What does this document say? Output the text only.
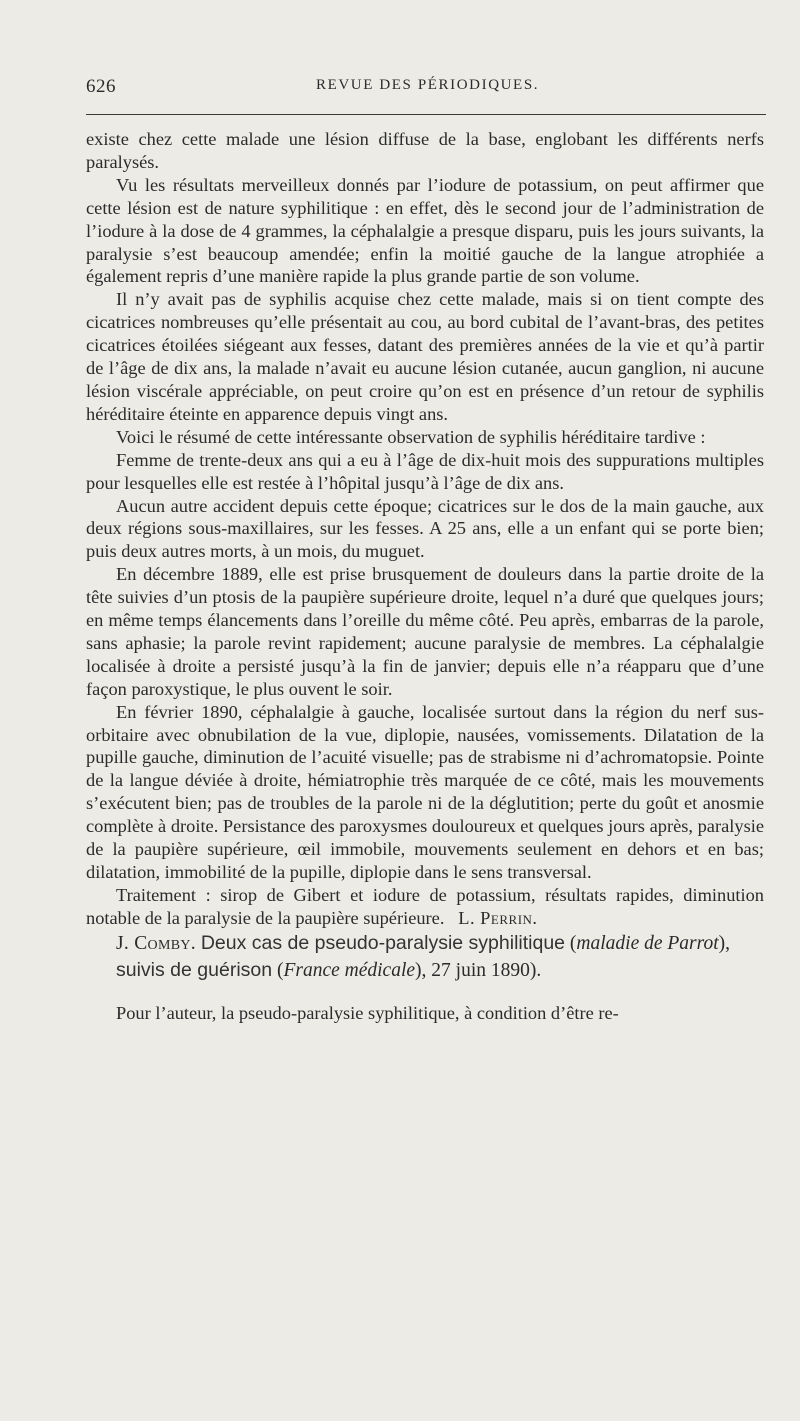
626	REVUE DES PÉRIODIQUES.

existe chez cette malade une lésion diffuse de la base, englobant les différents nerfs paralysés.

Vu les résultats merveilleux donnés par l’iodure de potassium, on peut affirmer que cette lésion est de nature syphilitique : en effet, dès le second jour de l’administration de l’iodure à la dose de 4 grammes, la céphalalgie a presque disparu, puis les jours suivants, la paralysie s’est beaucoup amendée; enfin la moitié gauche de la langue atrophiée a également repris d’une manière rapide la plus grande partie de son volume.

Il n’y avait pas de syphilis acquise chez cette malade, mais si on tient compte des cicatrices nombreuses qu’elle présentait au cou, au bord cubital de l’avant-bras, des petites cicatrices étoilées siégeant aux fesses, datant des premières années de la vie et qu’à partir de l’âge de dix ans, la malade n’avait eu aucune lésion cutanée, aucun ganglion, ni aucune lésion viscérale appréciable, on peut croire qu’on est en présence d’un retour de syphilis héréditaire éteinte en apparence depuis vingt ans.

Voici le résumé de cette intéressante observation de syphilis héréditaire tardive :

Femme de trente-deux ans qui a eu à l’âge de dix-huit mois des suppurations multiples pour lesquelles elle est restée à l’hôpital jusqu’à l’âge de dix ans.

Aucun autre accident depuis cette époque; cicatrices sur le dos de la main gauche, aux deux régions sous-maxillaires, sur les fesses. A 25 ans, elle a un enfant qui se porte bien; puis deux autres morts, à un mois, du muguet.

En décembre 1889, elle est prise brusquement de douleurs dans la partie droite de la tête suivies d’un ptosis de la paupière supérieure droite, lequel n’a duré que quelques jours; en même temps élancements dans l’oreille du même côté. Peu après, embarras de la parole, sans aphasie; la parole revint rapidement; aucune paralysie de membres. La céphalalgie localisée à droite a persisté jusqu’à la fin de janvier; depuis elle n’a réapparu que d’une façon paroxystique, le plus ouvent le soir.

En février 1890, céphalalgie à gauche, localisée surtout dans la région du nerf sus-orbitaire avec obnubilation de la vue, diplopie, nausées, vomissements. Dilatation de la pupille gauche, diminution de l’acuité visuelle; pas de strabisme ni d’achromatopsie. Pointe de la langue déviée à droite, hémiatrophie très marquée de ce côté, mais les mouvements s’exécutent bien; pas de troubles de la parole ni de la déglutition; perte du goût et anosmie complète à droite. Persistance des paroxysmes douloureux et quelques jours après, paralysie de la paupière supérieure, œil immobile, mouvements seulement en dehors et en bas; dilatation, immobilité de la pupille, diplopie dans le sens transversal.

Traitement : sirop de Gibert et iodure de potassium, résultats rapides, diminution notable de la paralysie de la paupière supérieure. L. Perrin.

J. Comby. Deux cas de pseudo-paralysie syphilitique (maladie de Parrot), suivis de guérison (France médicale), 27 juin 1890).

Pour l’auteur, la pseudo-paralysie syphilitique, à condition d’être re-
